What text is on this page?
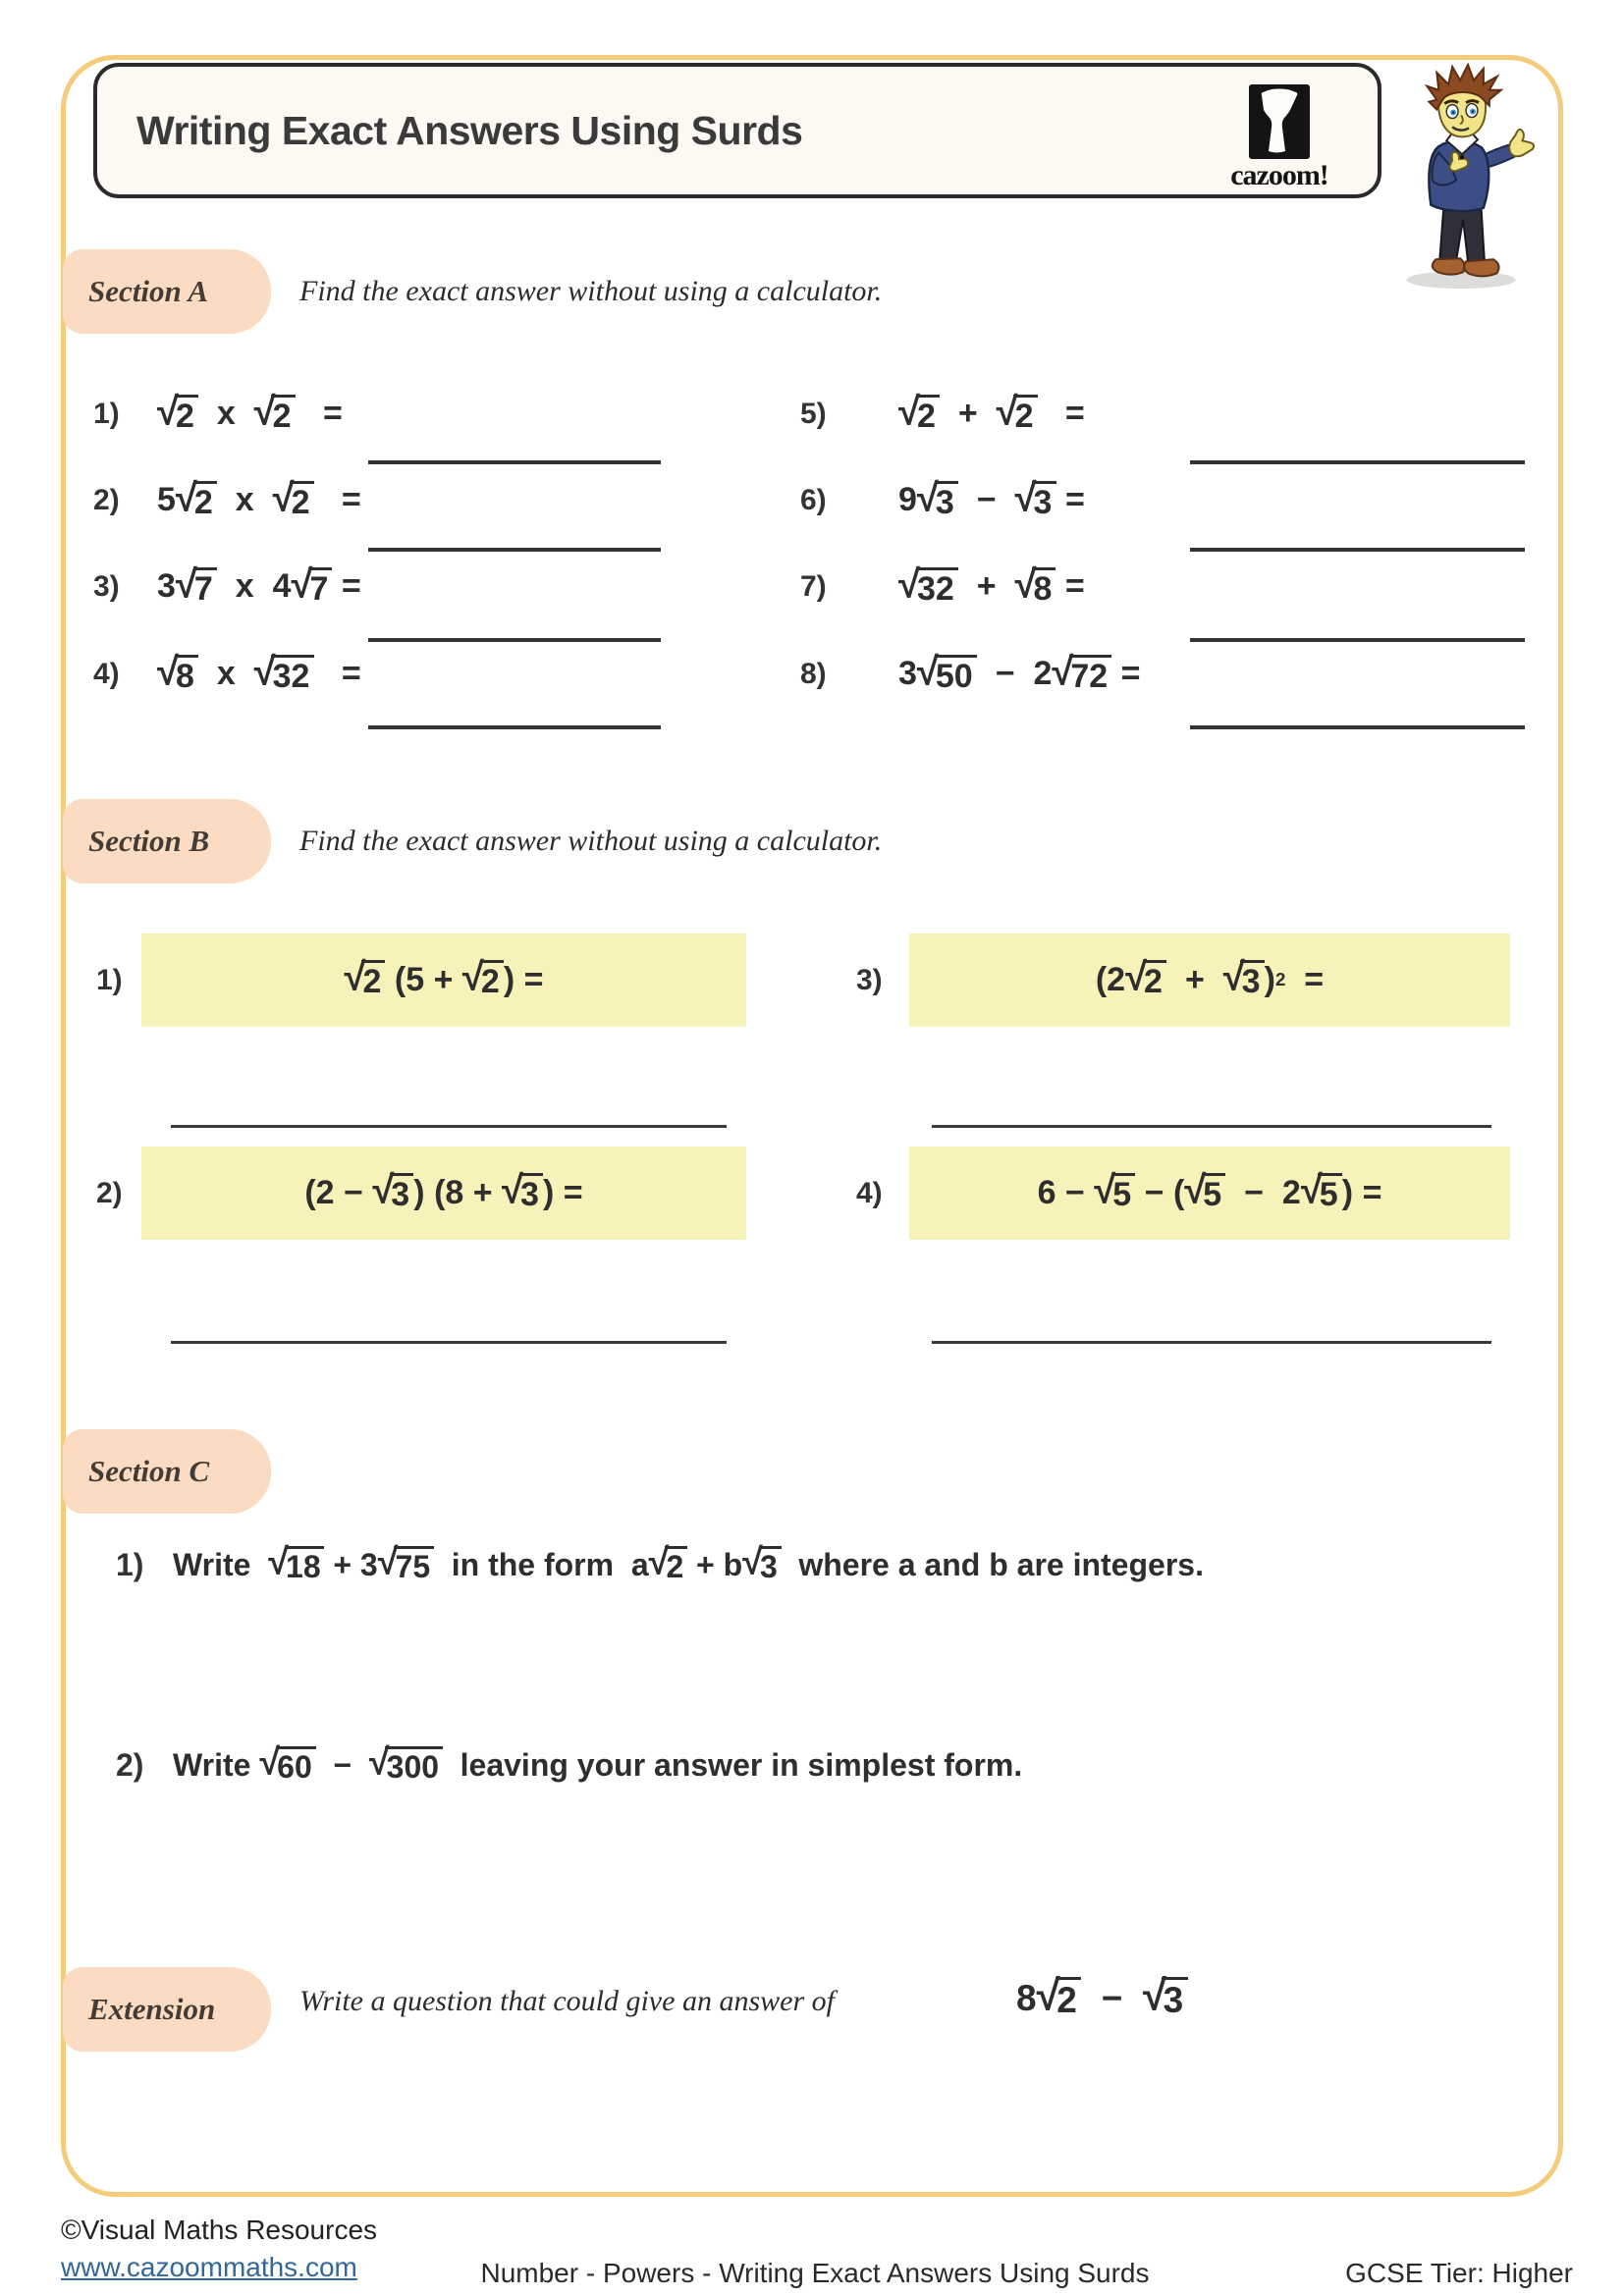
Writing Exact Answers Using Surds
cazoom!
Section A	Find the exact answer without using a calculator.
Section B	Find the exact answer without using a calculator.
Section C
Extension	Write a question that could give an answer of	8 √
2 − √
3
©Visual Maths Resources
www.cazoommaths.com	Number - Powers - Writing Exact Answers Using Surds	GCSE Tier: Higher
1) √
2 x √
2 =
2)	5 √
2 x √
2 =
3)	3 √
7 x 4 √
7 =
4) √
8 x √
32 =
5)	√
2 + √
2 =
6)	9 √
3 − √
3 =
7)	√
32 + √
8 =
8)	3 √
50 − 2 √
72 =
1)	√
2 (5 + √
2 ) =
2)	(2 − √
3 ) (8 + √
3 ) =
3)	(2 √
2 + √
3 ) 2 =
4)	6 − √
5 − ( √
5 −  2 √
5 ) =
1) Write √
18 + 3 √
75 in the form  a √
2 + b √
3 where a and b are integers.
2) Write √
60 − √
300 leaving your answer in simplest form.
